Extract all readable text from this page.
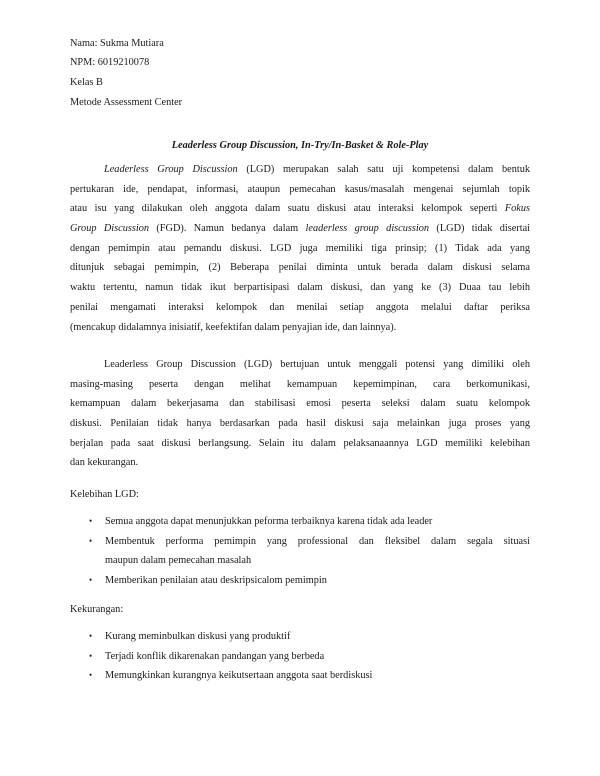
Nama: Sukma Mutiara
NPM: 6019210078
Kelas B
Metode Assessment Center
Leaderless Group Discussion, In-Try/In-Basket & Role-Play
Leaderless Group Discussion (LGD) merupakan salah satu uji kompetensi dalam bentuk
pertukaran ide, pendapat, informasi, ataupun pemecahan kasus/masalah mengenai sejumlah topik
atau isu yang dilakukan oleh anggota dalam suatu diskusi atau interaksi kelompok seperti Fokus
Group Discussion (FGD). Namun bedanya dalam leaderless group discussion (LGD) tidak disertai
dengan pemimpin atau pemandu diskusi. LGD juga memiliki tiga prinsip; (1) Tidak ada yang
ditunjuk sebagai pemimpin, (2) Beberapa penilai diminta untuk berada dalam diskusi selama
waktu tertentu, namun tidak ikut berpartisipasi dalam diskusi, dan yang ke (3) Duaa tau lebih
penilai mengamati interaksi kelompok dan menilai setiap anggota melalui daftar periksa
(mencakup didalamnya inisiatif, keefektifan dalam penyajian ide, dan lainnya).
Leaderless Group Discussion (LGD) bertujuan untuk menggali potensi yang dimiliki oleh
masing-masing peserta dengan melihat kemampuan kepemimpinan, cara berkomunikasi,
kemampuan dalam bekerjasama dan stabilisasi emosi peserta seleksi dalam suatu kelompok
diskusi. Penilaian tidak hanya berdasarkan pada hasil diskusi saja melainkan juga proses yang
berjalan pada saat diskusi berlangsung. Selain itu dalam pelaksanaannya LGD memiliki kelebihan
dan kekurangan.
Kelebihan LGD:
• Semua anggota dapat menunjukkan peforma terbaiknya karena tidak ada leader
• Membentuk performa pemimpin yang professional dan fleksibel dalam segala situasi
maupun dalam pemecahan masalah
• Memberikan penilaian atau deskripsicalom pemimpin
Kekurangan:
• Kurang meminbulkan diskusi yang produktif
• Terjadi konflik dikarenakan pandangan yang berbeda
• Memungkinkan kurangnya keikutsertaan anggota saat berdiskusi
